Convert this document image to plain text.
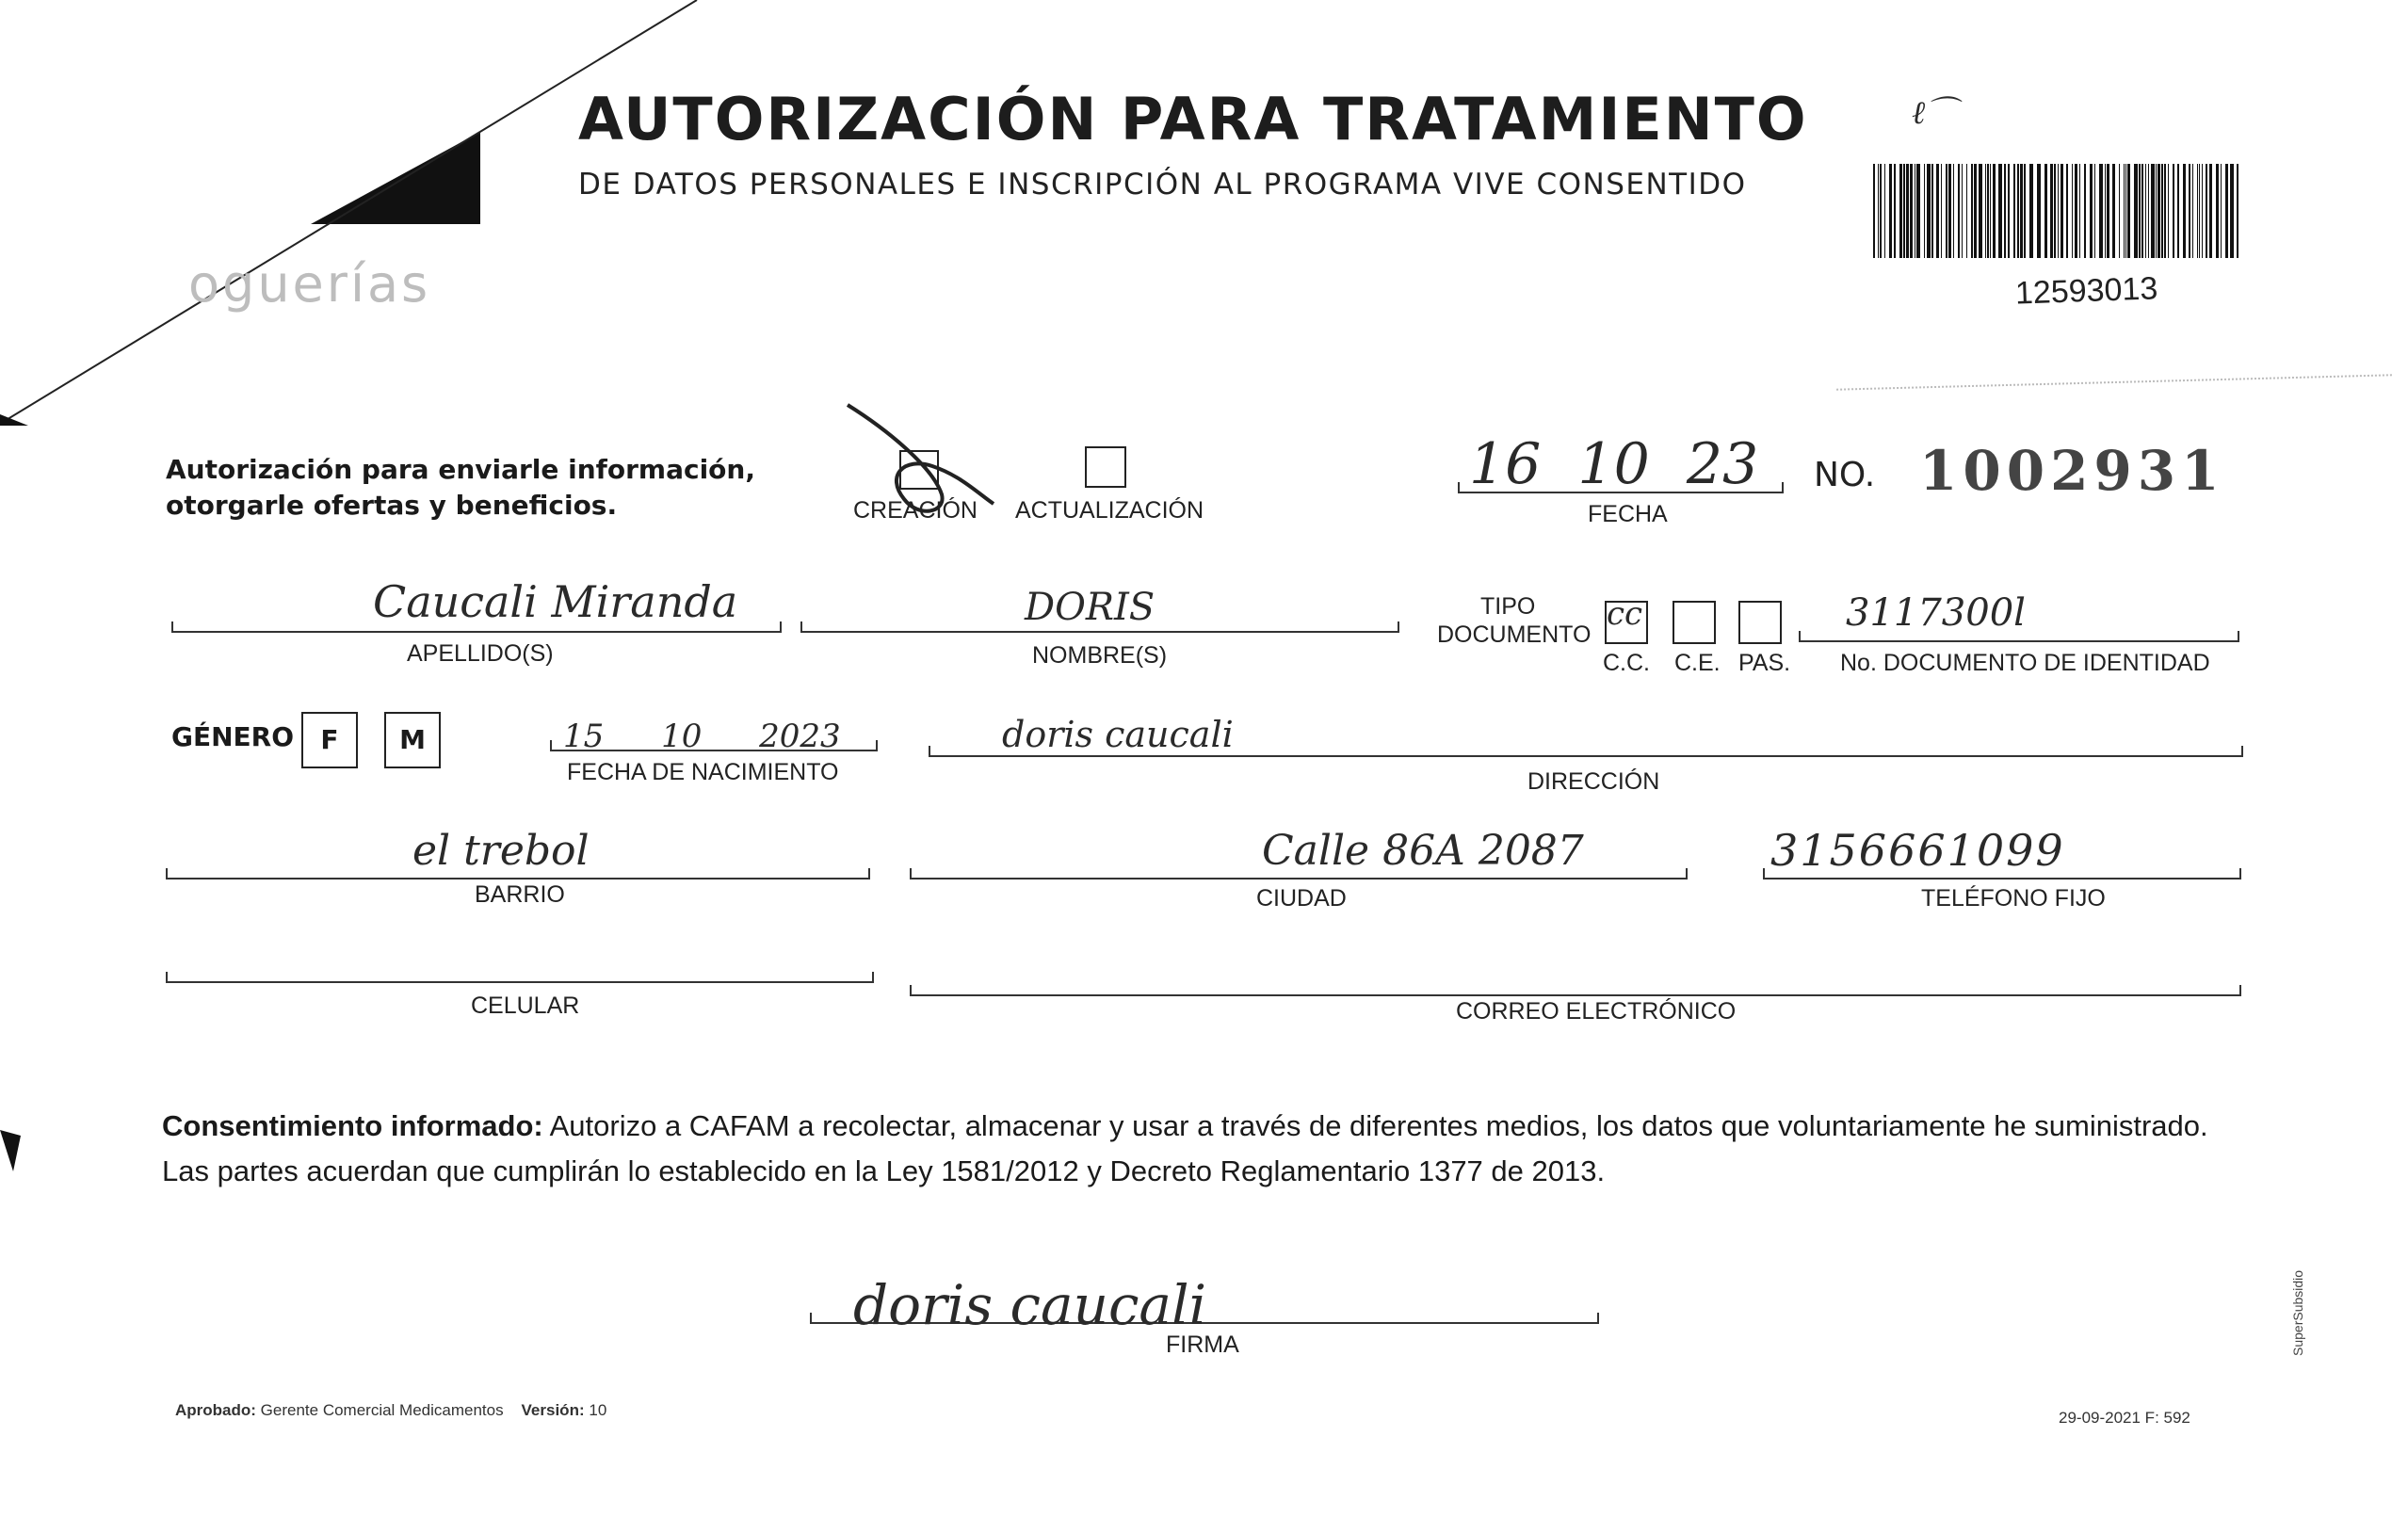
oguerías
AUTORIZACIÓN PARA TRATAMIENTO
DE DATOS PERSONALES E INSCRIPCIÓN AL PROGRAMA VIVE CONSENTIDO
ℓ⌒
12593013
Autorización para enviarle información,
otorgarle ofertas y beneficios.	CREACIÓN ACTUALIZACIÓN
16 10 23
FECHA
NO. 1002931
Caucali Miranda
APELLIDO(S)
DORIS
NOMBRE(S)
TIPO
DOCUMENTO
cc
C.C. C.E. PAS.
3117300l
No. DOCUMENTO DE IDENTIDAD
GÉNERO	F	M	15 10 2023
FECHA DE NACIMIENTO
doris caucali
DIRECCIÓN
el trebol
BARRIO
Calle 86A 2087
CIUDAD
3156661099
TELÉFONO FIJO
CELULAR	CORREO ELECTRÓNICO
Consentimiento informado: Autorizo a CAFAM a recolectar, almacenar y usar a través de diferentes medios, los datos que voluntariamente he suministrado.
Las partes acuerdan que cumplirán lo establecido en la Ley 1581/2012 y Decreto Reglamentario 1377 de 2013.
doris caucali
FIRMA	SuperSubsidio
Aprobado: Gerente Comercial Medicamentos Versión: 10	29-09-2021 F: 592
